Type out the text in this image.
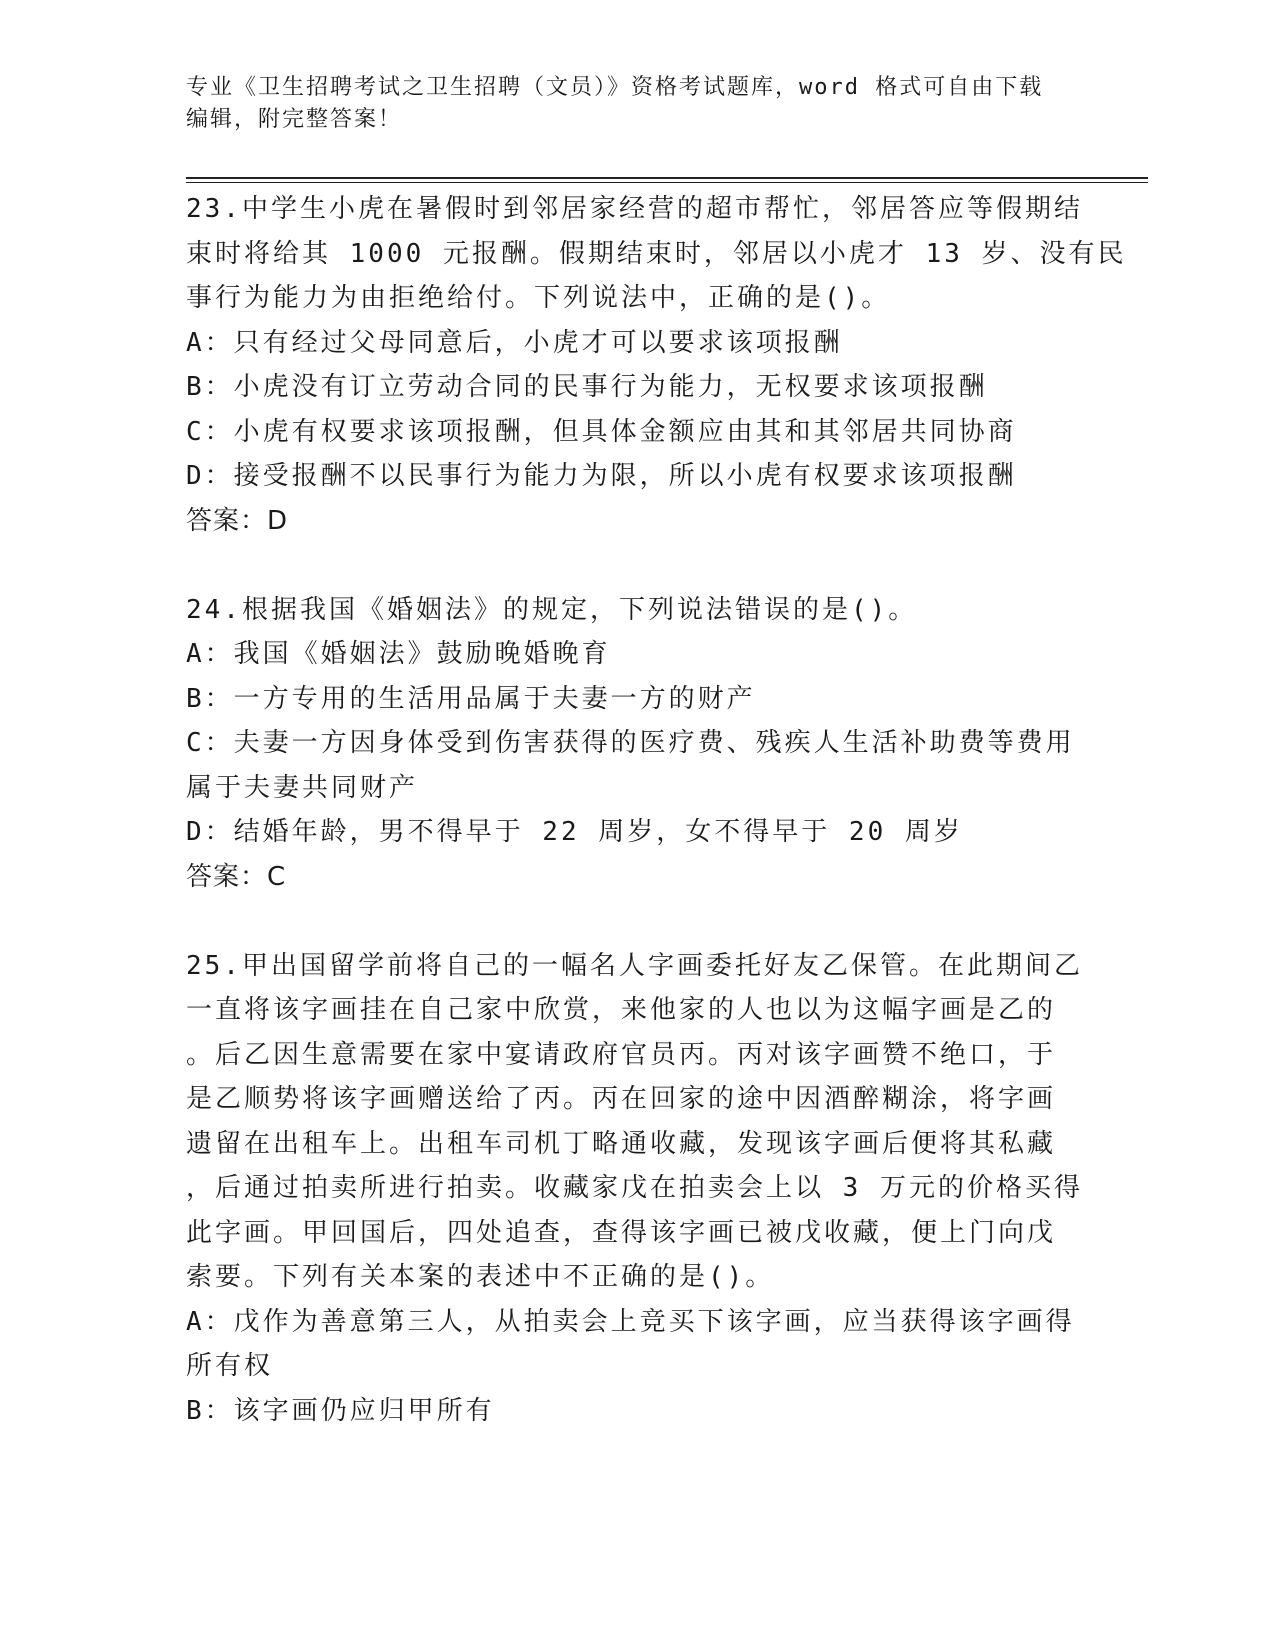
专业《卫生招聘考试之卫生招聘（文员）》资格考试题库，word 格式可自由下载
编辑，附完整答案！

23.中学生小虎在暑假时到邻居家经营的超市帮忙，邻居答应等假期结

束时将给其 1000 元报酬。假期结束时，邻居以小虎才 13 岁、没有民

事行为能力为由拒绝给付。下列说法中，正确的是()。

A：只有经过父母同意后，小虎才可以要求该项报酬

B：小虎没有订立劳动合同的民事行为能力，无权要求该项报酬

C：小虎有权要求该项报酬，但具体金额应由其和其邻居共同协商

D：接受报酬不以民事行为能力为限，所以小虎有权要求该项报酬

答案：D

24.根据我国《婚姻法》的规定，下列说法错误的是()。

A：我国《婚姻法》鼓励晚婚晚育

B：一方专用的生活用品属于夫妻一方的财产

C：夫妻一方因身体受到伤害获得的医疗费、残疾人生活补助费等费用

属于夫妻共同财产

D：结婚年龄，男不得早于 22 周岁，女不得早于 20 周岁

答案：C

25.甲出国留学前将自己的一幅名人字画委托好友乙保管。在此期间乙

一直将该字画挂在自己家中欣赏，来他家的人也以为这幅字画是乙的

。后乙因生意需要在家中宴请政府官员丙。丙对该字画赞不绝口，于

是乙顺势将该字画赠送给了丙。丙在回家的途中因酒醉糊涂，将字画

遗留在出租车上。出租车司机丁略通收藏，发现该字画后便将其私藏

，后通过拍卖所进行拍卖。收藏家戊在拍卖会上以 3 万元的价格买得

此字画。甲回国后，四处追查，查得该字画已被戊收藏，便上门向戊

索要。下列有关本案的表述中不正确的是()。

A：戊作为善意第三人，从拍卖会上竞买下该字画，应当获得该字画得

所有权

B：该字画仍应归甲所有
